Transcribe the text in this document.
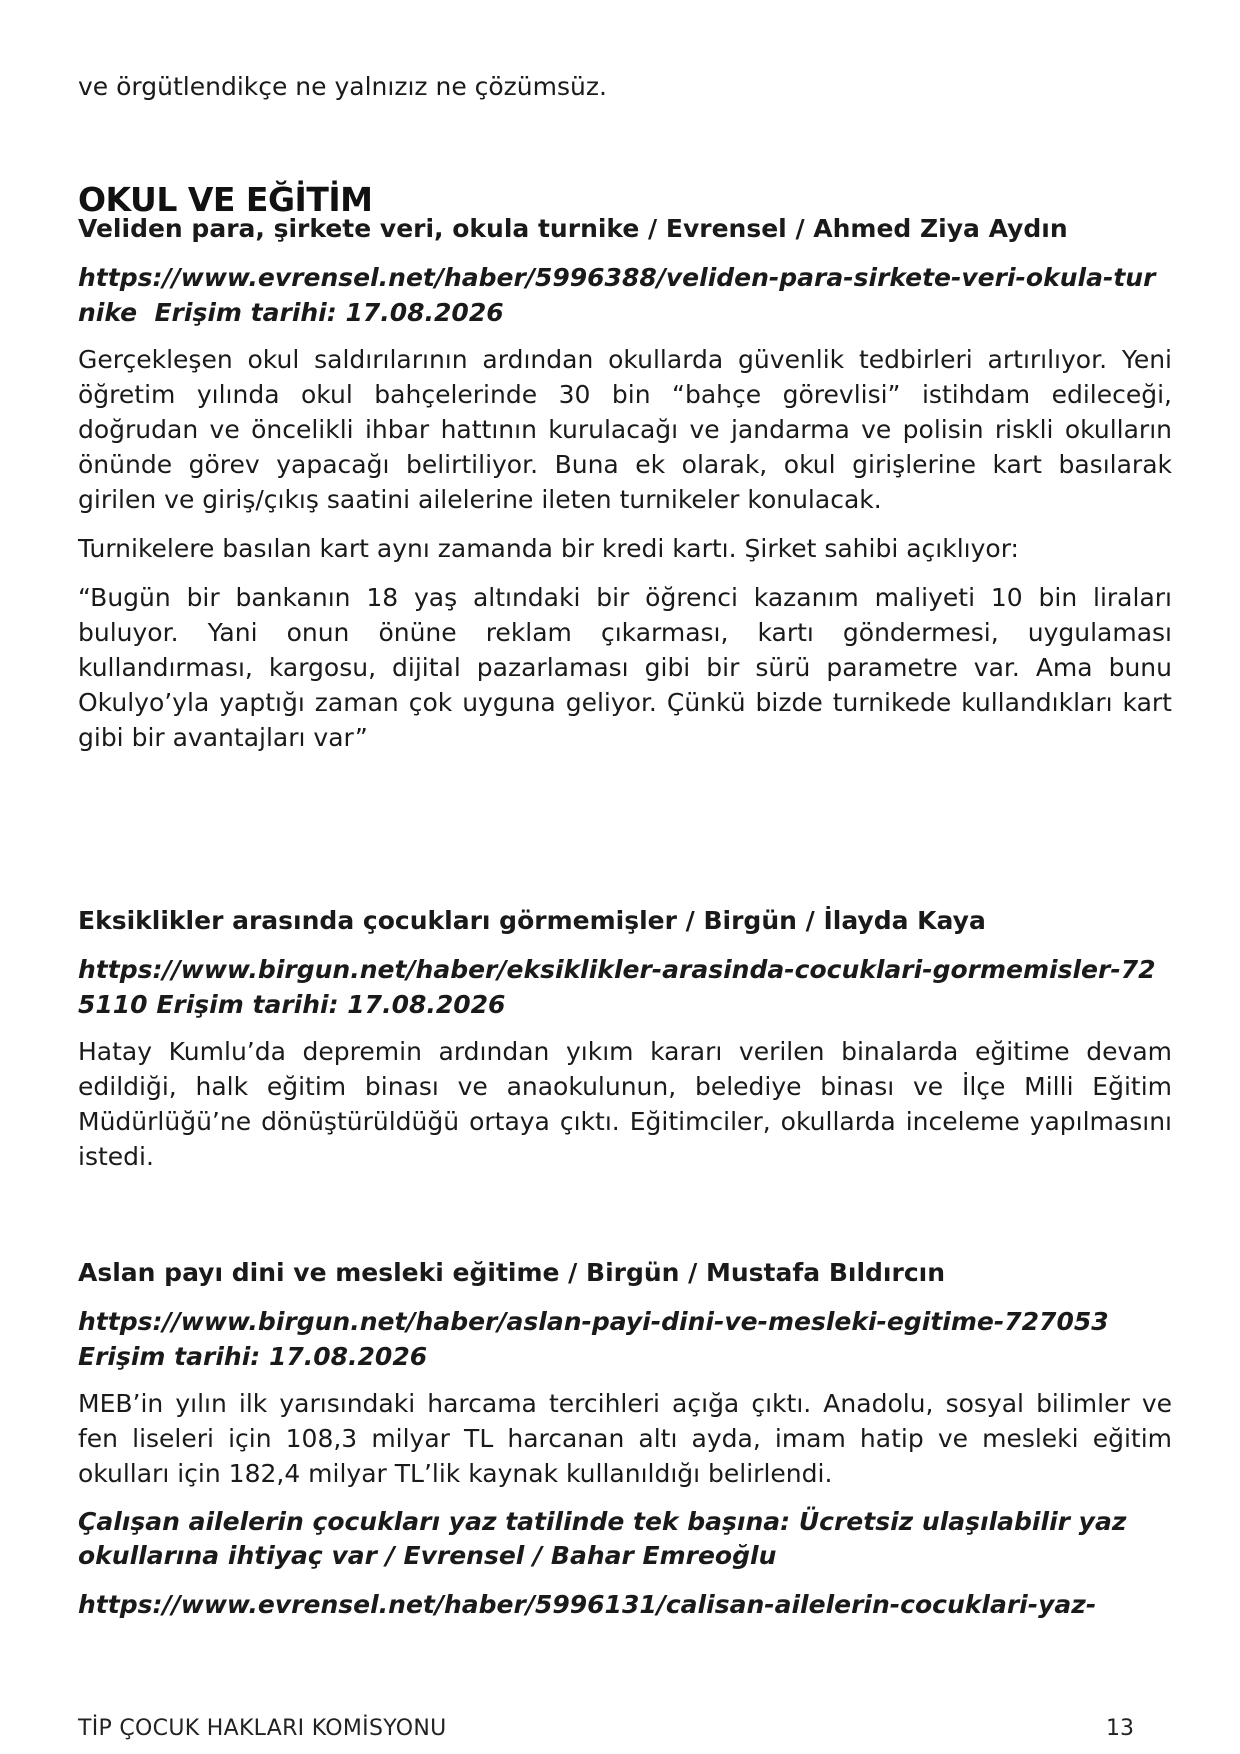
ve örgütlendikçe ne yalnızız ne çözümsüz.

OKUL VE EĞİTİM

Veliden para, şirkete veri, okula turnike / Evrensel / Ahmed Ziya Aydın

https://www.evrensel.net/haber/5996388/veliden-para-sirkete-veri-okula-turnike Erişim tarihi: 17.08.2026

Gerçekleşen okul saldırılarının ardından okullarda güvenlik tedbirleri artırılıyor. Yeni öğretim yılında okul bahçelerinde 30 bin “bahçe görevlisi” istihdam edileceği, doğrudan ve öncelikli ihbar hattının kurulacağı ve jandarma ve polisin riskli okulların önünde görev yapacağı belirtiliyor. Buna ek olarak, okul girişlerine kart basılarak girilen ve giriş/çıkış saatini ailelerine ileten turnikeler konulacak.

Turnikelere basılan kart aynı zamanda bir kredi kartı. Şirket sahibi açıklıyor:

“Bugün bir bankanın 18 yaş altındaki bir öğrenci kazanım maliyeti 10 bin liraları buluyor. Yani onun önüne reklam çıkarması, kartı göndermesi, uygulaması kullandırması, kargosu, dijital pazarlaması gibi bir sürü parametre var. Ama bunu Okulyo’yla yaptığı zaman çok uyguna geliyor. Çünkü bizde turnikede kullandıkları kart gibi bir avantajları var”

Eksiklikler arasında çocukları görmemişler / Birgün / İlayda Kaya

https://www.birgun.net/haber/eksiklikler-arasinda-cocuklari-gormemisler-725110 Erişim tarihi: 17.08.2026

Hatay Kumlu’da depremin ardından yıkım kararı verilen binalarda eğitime devam edildiği, halk eğitim binası ve anaokulunun, belediye binası ve İlçe Milli Eğitim Müdürlüğü’ne dönüştürüldüğü ortaya çıktı. Eğitimciler, okullarda inceleme yapılmasını istedi.

Aslan payı dini ve mesleki eğitime / Birgün / Mustafa Bıldırcın

https://www.birgun.net/haber/aslan-payi-dini-ve-mesleki-egitime-727053 Erişim tarihi: 17.08.2026

MEB’in yılın ilk yarısındaki harcama tercihleri açığa çıktı. Anadolu, sosyal bilimler ve fen liseleri için 108,3 milyar TL harcanan altı ayda, imam hatip ve mesleki eğitim okulları için 182,4 milyar TL’lik kaynak kullanıldığı belirlendi.

Çalışan ailelerin çocukları yaz tatilinde tek başına: Ücretsiz ulaşılabilir yaz okullarına ihtiyaç var / Evrensel / Bahar Emreoğlu

https://www.evrensel.net/haber/5996131/calisan-ailelerin-cocuklari-yaz-

TİP ÇOCUK HAKLARI KOMİSYONU	13
